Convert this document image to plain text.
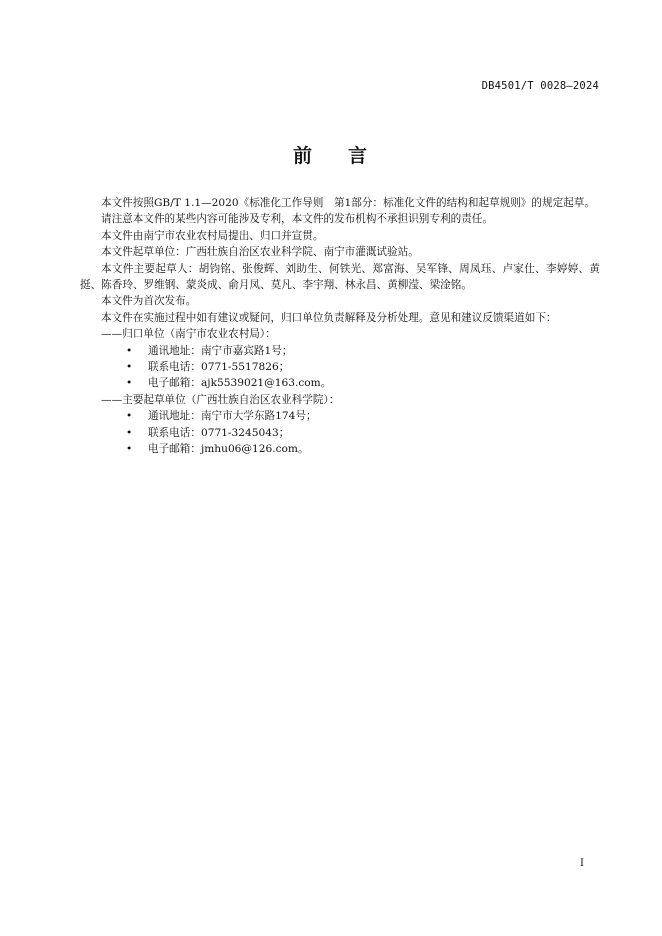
DB4501/T 0028—2024
前 言

本文件按照GB/T 1.1—2020《标准化工作导则　第1部分：标准化文件的结构和起草规则》的规定起草。

请注意本文件的某些内容可能涉及专利，本文件的发布机构不承担识别专利的责任。

本文件由南宁市农业农村局提出、归口并宣贯。

本文件起草单位：广西壮族自治区农业科学院、南宁市灌溉试验站。

本文件主要起草人：胡钧铭、张俊辉、刘助生、何铁光、郑富海、吴军锋、周凤珏、卢家仕、李婷婷、黄挺、陈香玲、罗维钢、蒙炎成、俞月凤、莫凡、李宇翔、林永昌、黄柳滢、梁淦铭。

本文件为首次发布。

本文件在实施过程中如有建议或疑问，归口单位负责解释及分析处理。意见和建议反馈渠道如下：

——归口单位（南宁市农业农村局）：

• 通讯地址：南宁市嘉宾路1号；
• 联系电话：0771-5517826；
• 电子邮箱：ajk5539021@163.com。

——主要起草单位（广西壮族自治区农业科学院）：

• 通讯地址：南宁市大学东路174号；
• 联系电话：0771-3245043；
• 电子邮箱：jmhu06@126.com。
I
